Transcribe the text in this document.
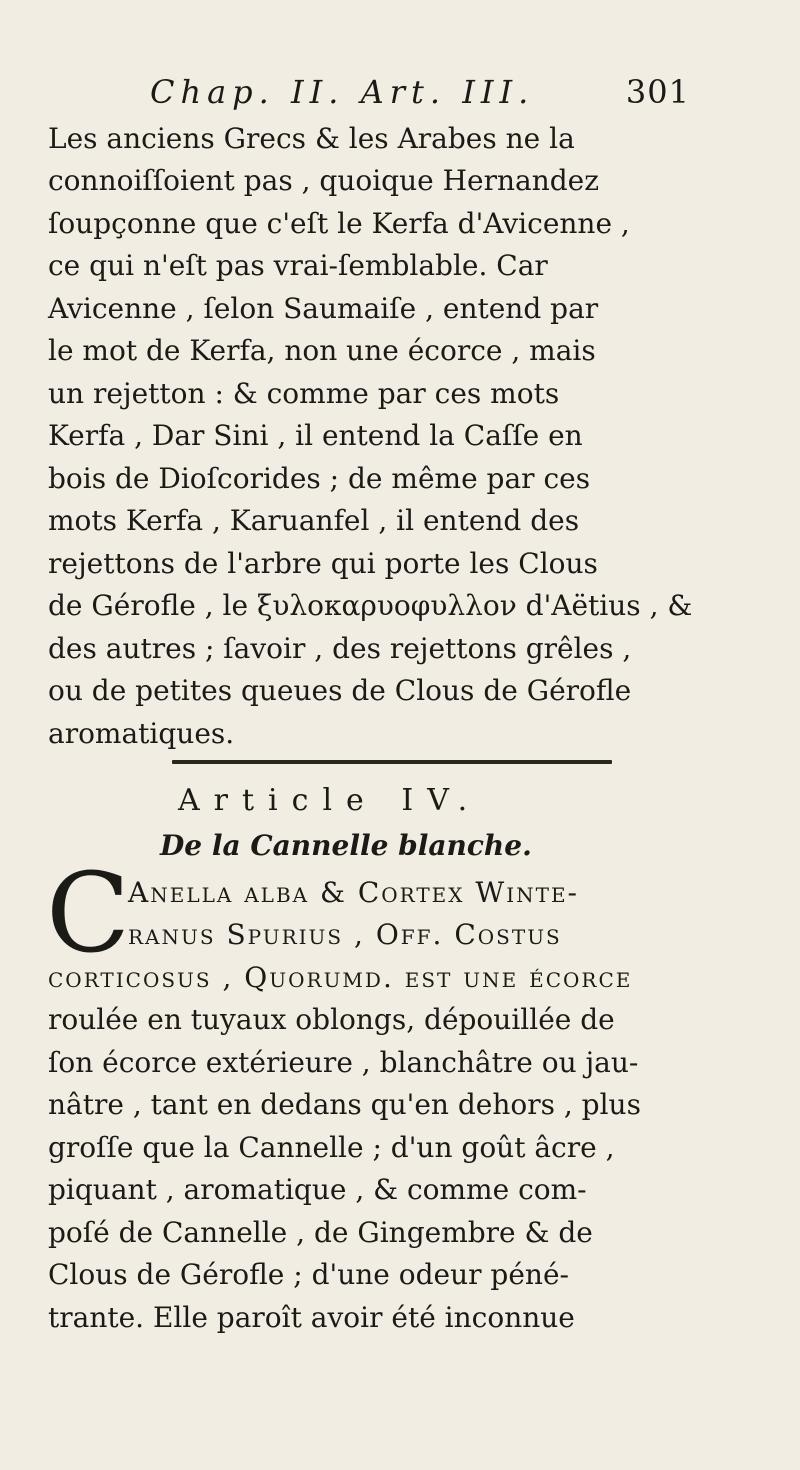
Chap. II. Art. III.	301

Les anciens Grecs & les Arabes ne la

connoiſſoient pas , quoique Hernandez

ſoupçonne que c'eſt le Kerfa d'Avicenne ,

ce qui n'eſt pas vrai-ſemblable. Car

Avicenne , ſelon Saumaiſe , entend par

le mot de Kerfa, non une écorce , mais

un rejetton : & comme par ces mots

Kerfa , Dar Sini , il entend la Caſſe en

bois de Dioſcorides ; de même par ces

mots Kerfa , Karuanfel , il entend des

rejettons de l'arbre qui porte les Clous

de Gérofle , le ξυλοκαρυοφυλλον d'Aëtius , &

des autres ; ſavoir , des rejettons grêles ,

ou de petites queues de Clous de Gérofle

aromatiques.

Article IV.
De la Cannelle blanche.
C

Anella alba & Cortex Winte-

ranus Spurius , Off. Costus

corticosus , Quorumd. eſt une écorce

roulée en tuyaux oblongs, dépouillée de

ſon écorce extérieure , blanchâtre ou jau-

nâtre , tant en dedans qu'en dehors , plus

groſſe que la Cannelle ; d'un goût âcre ,

piquant , aromatique , & comme com-

poſé de Cannelle , de Gingembre & de

Clous de Gérofle ; d'une odeur péné-

trante. Elle paroît avoir été inconnue
